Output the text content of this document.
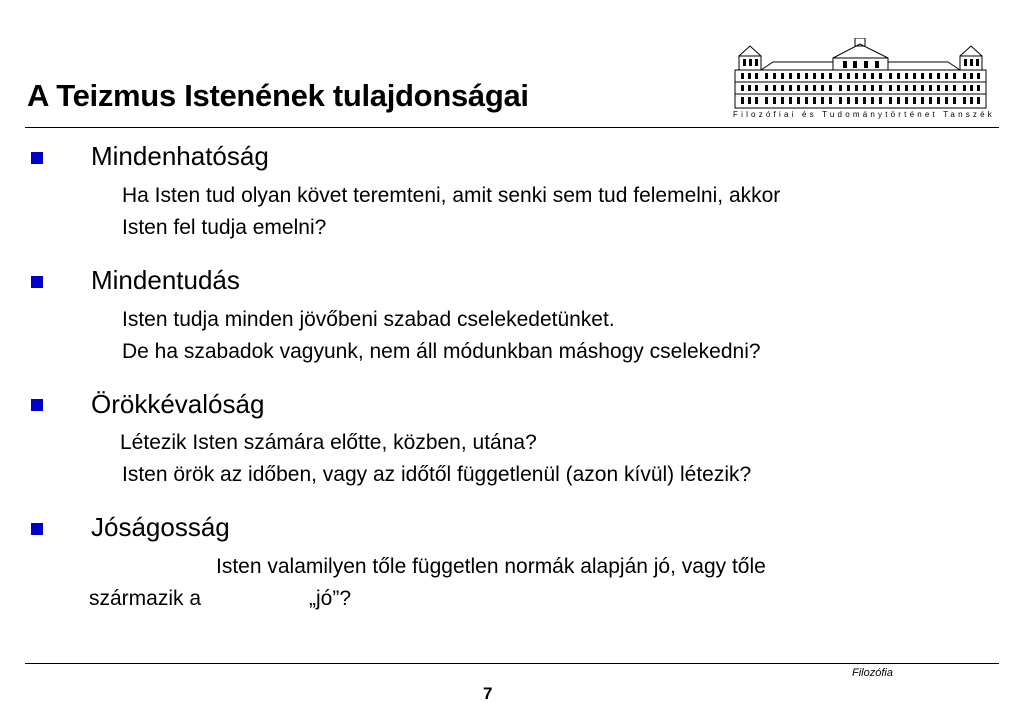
A Teizmus Istenének tulajdonságai
Filozófiai és Tudománytörténet Tanszék
Mindenhatóság
Ha Isten tud olyan követ teremteni, amit senki sem tud felemelni, akkor
Isten fel tudja emelni?
Mindentudás
Isten tudja minden jövőbeni szabad cselekedetünket.
De ha szabadok vagyunk, nem áll módunkban máshogy cselekedni?
Örökkévalóság
Létezik Isten számára előtte, közben, utána?
Isten örök az időben, vagy az időtől függetlenül (azon kívül) létezik?
Jóságosság
Isten valamilyen tőle független normák alapján jó, vagy tőle
származik a	„jó”?
Filozófia
7
